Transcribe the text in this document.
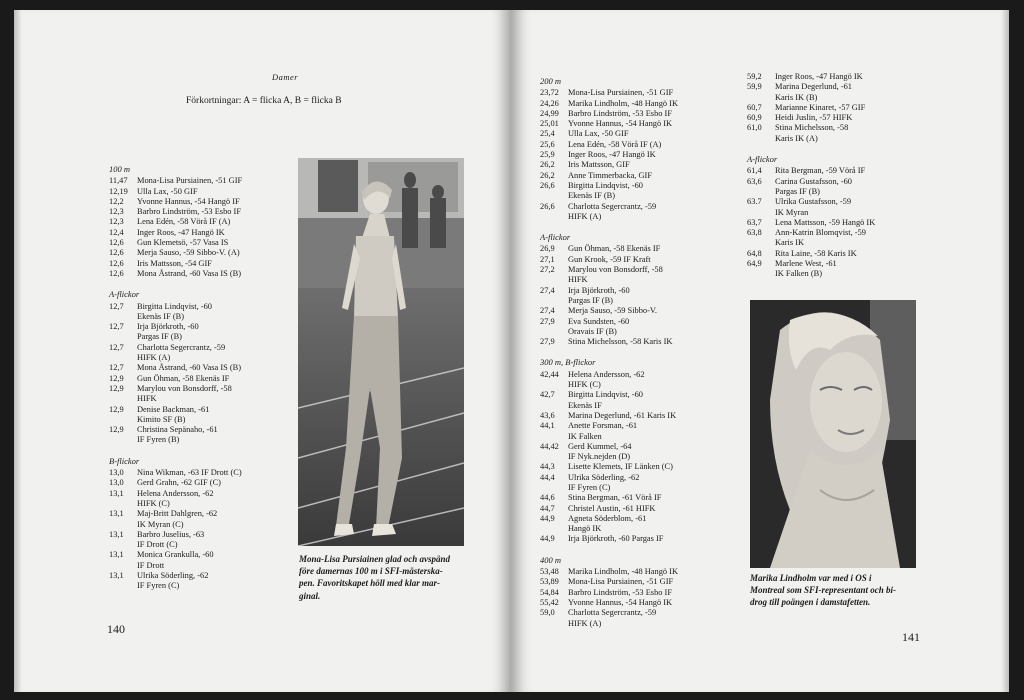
Damer
Förkortningar: A = flicka A, B = flicka B
100 m
11,47	Mona-Lisa Pursiainen, -51 GIF
12,19	Ulla Lax, -50 GIF
12,2	Yvonne Hannus, -54 Hangö IF
12,3	Barbro Lindström, -53 Esbo IF
12,3	Lena Edén, -58 Vörå IF (A)
12,4	Inger Roos, -47 Hangö IK
12,6	Gun Klemetsö, -57 Vasa IS
12,6	Merja Sauso, -59 Sibbo-V. (A)
12,6	Iris Mattsson, -54 GIF
12,6	Mona Åstrand, -60 Vasa IS (B)
A-flickor
12,7	Birgitta Lindqvist, -60
Ekenäs IF (B)
12,7	Irja Björkroth, -60
Pargas IF (B)
12,7	Charlotta Segercrantz, -59
HIFK (A)
12,7	Mona Åstrand, -60 Vasa IS (B)
12,9	Gun Öhman, -58 Ekenäs IF
12,9	Marylou von Bonsdorff, -58
HIFK
12,9	Denise Backman, -61
Kimito SF (B)
12,9	Christina Sepänaho, -61
IF Fyren (B)
B-flickor
13,0	Nina Wikman, -63 IF Drott (C)
13,0	Gerd Grahn, -62 GIF (C)
13,1	Helena Andersson, -62
HIFK (C)
13,1	Maj-Britt Dahlgren, -62
IK Myran (C)
13,1	Barbro Juselius, -63
IF Drott (C)
13,1	Monica Grankulla, -60
IF Drott
13,1	Ulrika Söderling, -62
IF Fyren (C)
Mona-Lisa Pursiainen glad och avspänd
före damernas 100 m i SFI-mästerska-
pen. Favoritskapet höll med klar mar-
ginal.
140
200 m
23,72	Mona-Lisa Pursiainen, -51 GIF
24,26	Marika Lindholm, -48 Hangö IK
24,99	Barbro Lindström, -53 Esbo IF
25,01	Yvonne Hannus, -54 Hangö IK
25,4	Ulla Lax, -50 GIF
25,6	Lena Edén, -58 Vörå IF (A)
25,9	Inger Roos, -47 Hangö IK
26,2	Iris Mattsson, GIF
26,2	Anne Timmerbacka, GIF
26,6	Birgitta Lindqvist, -60
Ekenäs IF (B)
26,6	Charlotta Segercrantz, -59
HIFK (A)
A-flickor
26,9	Gun Öhman, -58 Ekenäs IF
27,1	Gun Krook, -59 IF Kraft
27,2	Marylou von Bonsdorff, -58
HIFK
27,4	Irja Björkroth, -60
Pargas IF (B)
27,4	Merja Sauso, -59 Sibbo-V.
27,9	Eva Sundsten, -60
Oravais IF (B)
27,9	Stina Michelsson, -58 Karis IK
300 m, B-flickor
42,44	Helena Andersson, -62
HIFK (C)
42,7	Birgitta Lindqvist, -60
Ekenäs IF
43,6	Marina Degerlund, -61 Karis IK
44,1	Anette Forsman, -61
IK Falken
44,42	Gerd Kummel, -64
IF Nyk.nejden (D)
44,3	Lisette Klemets, IF Länken (C)
44,4	Ulrika Söderling, -62
IF Fyren (C)
44,6	Stina Bergman, -61 Vörå IF
44,7	Christel Austin, -61 HIFK
44,9	Agneta Söderblom, -61
Hangö IK
44,9	Irja Björkroth, -60 Pargas IF
400 m
53,48	Marika Lindholm, -48 Hangö IK
53,89	Mona-Lisa Pursiainen, -51 GIF
54,84	Barbro Lindström, -53 Esbo IF
55,42	Yvonne Hannus, -54 Hangö IK
59,0	Charlotta Segercrantz, -59
HIFK (A)
59,2	Inger Roos, -47 Hangö IK
59,9	Marina Degerlund, -61
Karis IK (B)
60,7	Marianne Kinaret, -57 GIF
60,9	Heidi Juslin, -57 HIFK
61,0	Stina Michelsson, -58
Karis IK (A)
A-flickor
61,4	Rita Bergman, -59 Vörå IF
63,6	Carina Gustafsson, -60
Pargas IF (B)
63.7	Ulrika Gustafsson, -59
IK Myran
63,7	Lena Mattsson, -59 Hangö IK
63,8	Ann-Katrin Blomqvist, -59
Karis IK
64,8	Rita Laine, -58 Karis IK
64,9	Marlene West, -61
IK Falken (B)
Marika Lindholm var med i OS i
Montreal som SFI-representant och bi-
drog till poängen i damstafetten.
141
